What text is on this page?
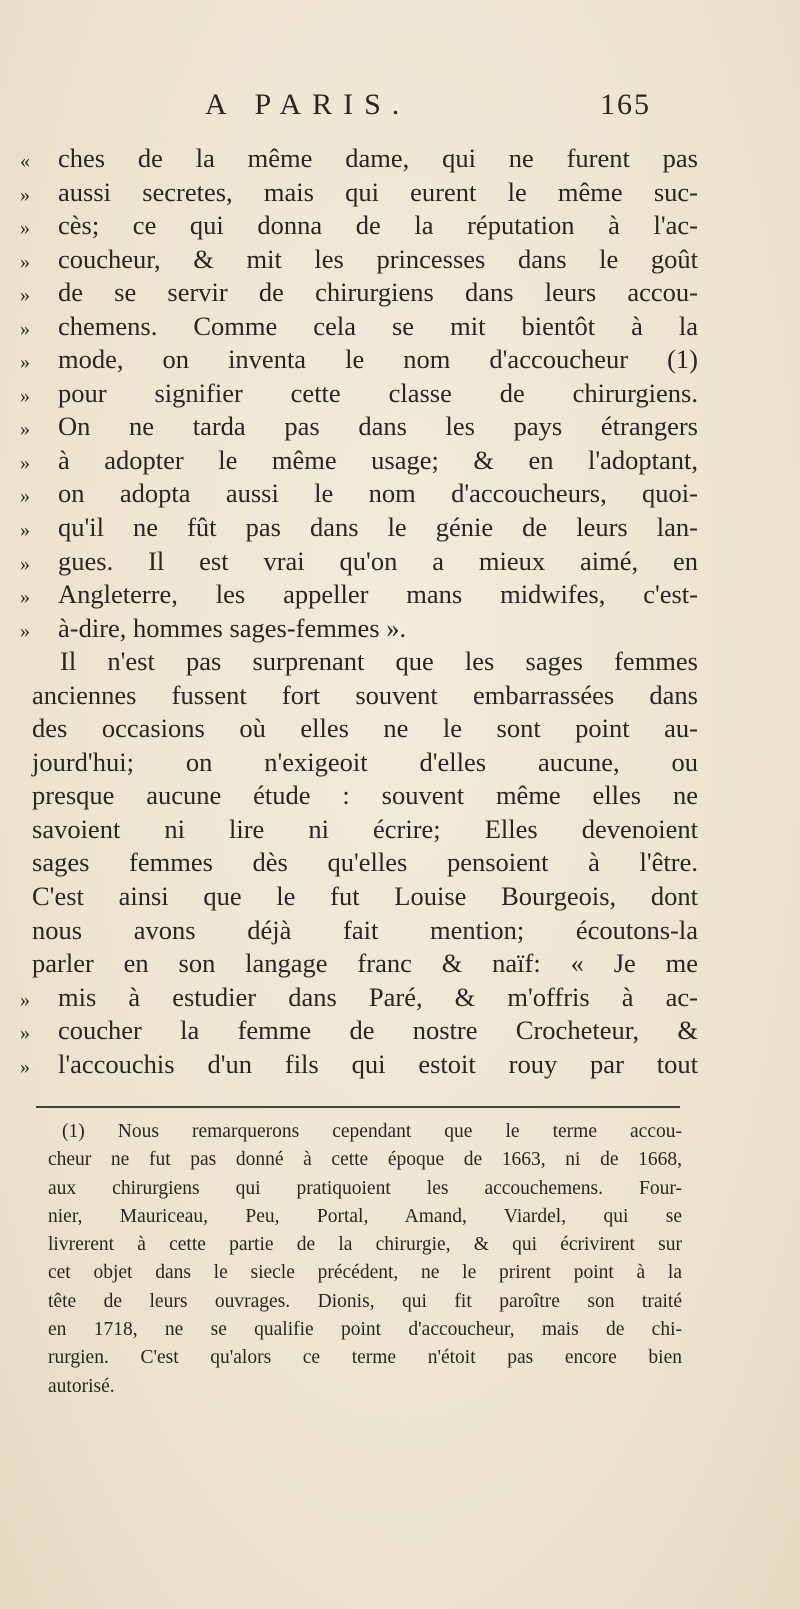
A PARIS.	165
« ches de la même dame, qui ne furent pas
» aussi secretes, mais qui eurent le même suc-
» cès; ce qui donna de la réputation à l'ac-
» coucheur, & mit les princesses dans le goût
» de se servir de chirurgiens dans leurs accou-
» chemens. Comme cela se mit bientôt à la
» mode, on inventa le nom d'accoucheur (1)
» pour signifier cette classe de chirurgiens.
» On ne tarda pas dans les pays étrangers
» à adopter le même usage; & en l'adoptant,
» on adopta aussi le nom d'accoucheurs, quoi-
» qu'il ne fût pas dans le génie de leurs lan-
» gues. Il est vrai qu'on a mieux aimé, en
» Angleterre, les appeller mans midwifes, c'est-
» à-dire, hommes sages-femmes ».
Il n'est pas surprenant que les sages femmes
anciennes fussent fort souvent embarrassées dans
des occasions où elles ne le sont point au-
jourd'hui; on n'exigeoit d'elles aucune, ou
presque aucune étude : souvent même elles ne
savoient ni lire ni écrire; Elles devenoient
sages femmes dès qu'elles pensoient à l'être.
C'est ainsi que le fut Louise Bourgeois, dont
nous avons déjà fait mention; écoutons-la
parler en son langage franc & naïf: « Je me
» mis à estudier dans Paré, & m'offris à ac-
» coucher la femme de nostre Crocheteur, &
» l'accouchis d'un fils qui estoit rouy par tout
(1) Nous remarquerons cependant que le terme accou-
cheur ne fut pas donné à cette époque de 1663, ni de 1668,
aux chirurgiens qui pratiquoient les accouchemens. Four-
nier, Mauriceau, Peu, Portal, Amand, Viardel, qui se
livrerent à cette partie de la chirurgie, & qui écrivirent sur
cet objet dans le siecle précédent, ne le prirent point à la
tête de leurs ouvrages. Dionis, qui fit paroître son traité
en 1718, ne se qualifie point d'accoucheur, mais de chi-
rurgien. C'est qu'alors ce terme n'étoit pas encore bien
autorisé.
